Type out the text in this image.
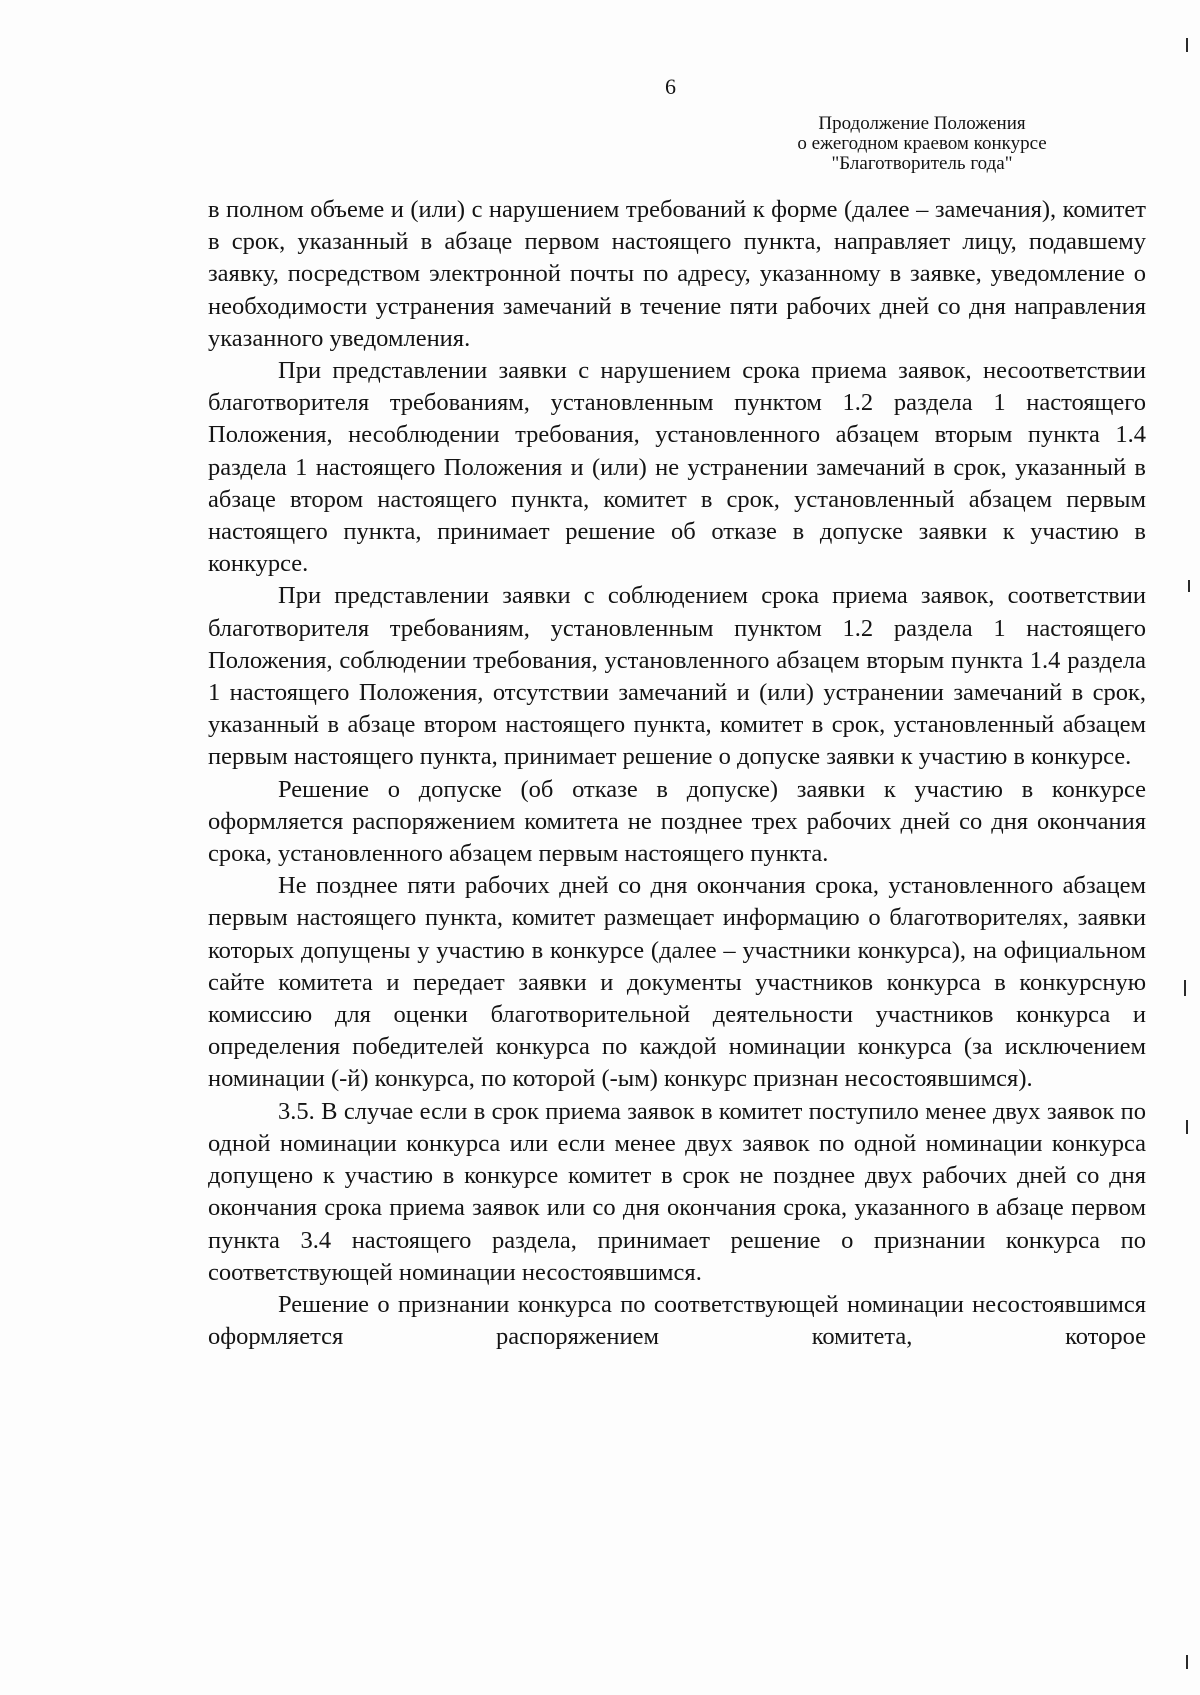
6
Продолжение Положения
о ежегодном краевом конкурсе
"Благотворитель года"

в полном объеме и (или) с нарушением требований к форме (далее – замечания), комитет в срок, указанный в абзаце первом настоящего пункта, направляет лицу, подавшему заявку, посредством электронной почты по адресу, указанному в заявке, уведомление о необходимости устранения замечаний в течение пяти рабочих дней со дня направления указанного уведомления.

При представлении заявки с нарушением срока приема заявок, несоответствии благотворителя требованиям, установленным пунктом 1.2 раздела 1 настоящего Положения, несоблюдении требования, установленного абзацем вторым пункта 1.4 раздела 1 настоящего Положения и (или) не устранении замечаний в срок, указанный в абзаце втором настоящего пункта, комитет в срок, установленный абзацем первым настоящего пункта, принимает решение об отказе в допуске заявки к участию в конкурсе.

При представлении заявки с соблюдением срока приема заявок, соответствии благотворителя требованиям, установленным пунктом 1.2 раздела 1 настоящего Положения, соблюдении требования, установленного абзацем вторым пункта 1.4 раздела 1 настоящего Положения, отсутствии замечаний и (или) устранении замечаний в срок, указанный в абзаце втором настоящего пункта, комитет в срок, установленный абзацем первым настоящего пункта, принимает решение о допуске заявки к участию в конкурсе.

Решение о допуске (об отказе в допуске) заявки к участию в конкурсе оформляется распоряжением комитета не позднее трех рабочих дней со дня окончания срока, установленного абзацем первым настоящего пункта.

Не позднее пяти рабочих дней со дня окончания срока, установленного абзацем первым настоящего пункта, комитет размещает информацию о благотворителях, заявки которых допущены у участию в конкурсе (далее – участники конкурса), на официальном сайте комитета и передает заявки и документы участников конкурса в конкурсную комиссию для оценки благотворительной деятельности участников конкурса и определения победителей конкурса по каждой номинации конкурса (за исключением номинации (-й) конкурса, по которой (-ым) конкурс признан несостоявшимся).

3.5. В случае если в срок приема заявок в комитет поступило менее двух заявок по одной номинации конкурса или если менее двух заявок по одной номинации конкурса допущено к участию в конкурсе комитет в срок не позднее двух рабочих дней со дня окончания срока приема заявок или со дня окончания срока, указанного в абзаце первом пункта 3.4 настоящего раздела, принимает решение о признании конкурса по соответствующей номинации несостоявшимся.

Решение о признании конкурса по соответствующей номинации несостоявшимся оформляется распоряжением комитета, которое
